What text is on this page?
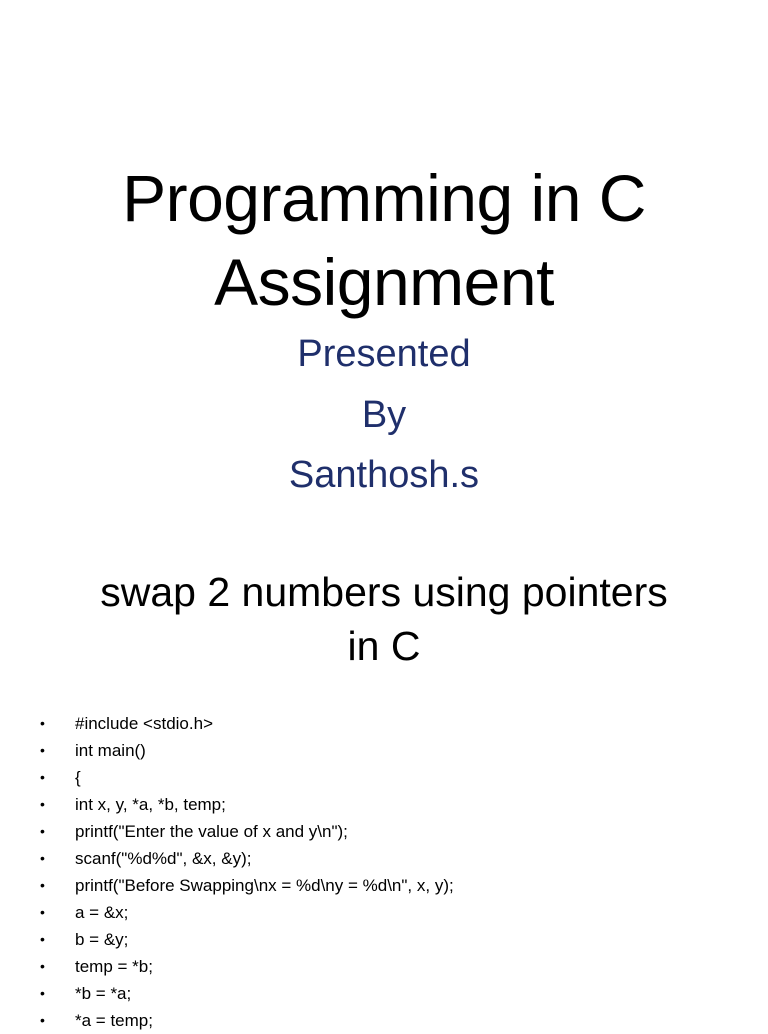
Programming in C
Assignment
Presented
By
Santhosh.s
swap 2 numbers using pointers
in C
• #include <stdio.h>
• int main()
• {
• int x, y, *a, *b, temp;
• printf("Enter the value of x and y\n");
• scanf("%d%d", &x, &y);
• printf("Before Swapping\nx = %d\ny = %d\n", x, y);
• a = &x;
• b = &y;
• temp = *b;
• *b = *a;
• *a = temp;
